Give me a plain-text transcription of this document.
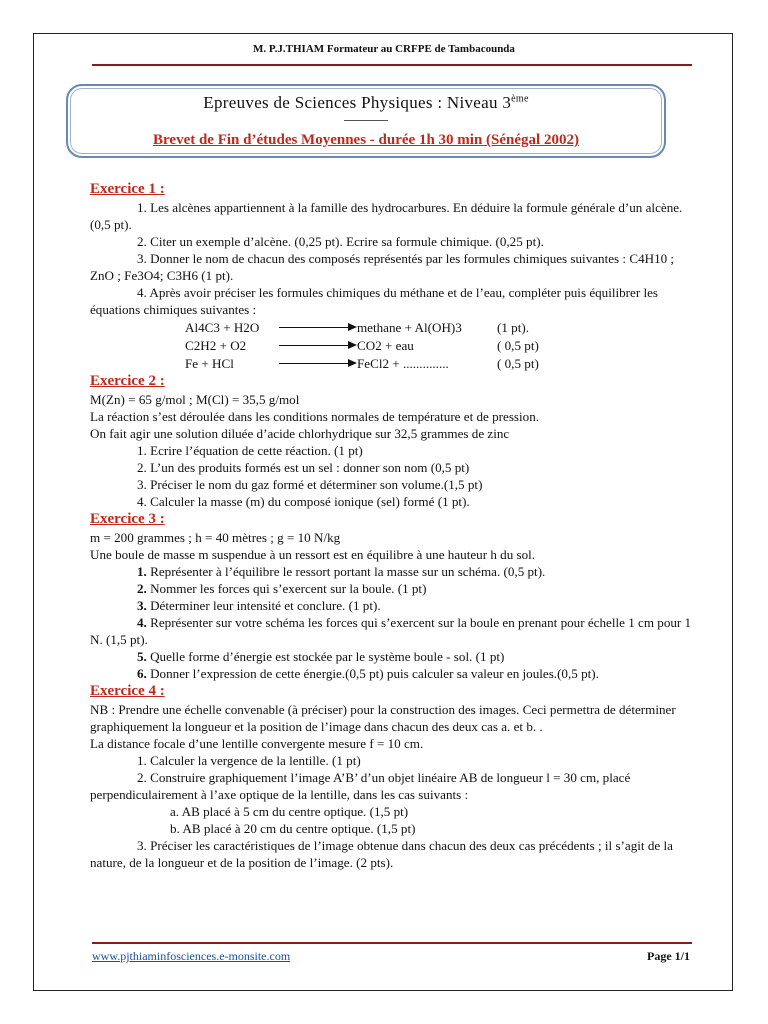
M. P.J.THIAM Formateur au CRFPE de Tambacounda
Epreuves de Sciences Physiques : Niveau 3ème
Brevet de Fin d’études Moyennes - durée 1h 30 min (Sénégal 2002)

Exercice 1 :

1. Les alcènes appartiennent à la famille des hydrocarbures. En déduire la formule générale d’un alcène. (0,5 pt).

2. Citer un exemple d’alcène. (0,25 pt). Ecrire sa formule chimique. (0,25 pt).

3. Donner le nom de chacun des composés représentés par les formules chimiques suivantes : C4H10 ; ZnO ; Fe3O4; C3H6 (1 pt).

4. Après avoir préciser les formules chimiques du méthane et de l’eau, compléter puis équilibrer les équations chimiques suivantes :

Al4C3 + H2O	methane + Al(OH)3	(1 pt).
C2H2 + O2	CO2 + eau	( 0,5 pt)
Fe + HCl	FeCl2 + ..............	( 0,5 pt)

Exercice 2 :

M(Zn) = 65 g/mol ; M(Cl) = 35,5 g/mol

La réaction s’est déroulée dans les conditions normales de température et de pression.

On fait agir une solution diluée d’acide chlorhydrique sur 32,5 grammes de zinc

1. Ecrire l’équation de cette réaction. (1 pt)

2. L’un des produits formés est un sel : donner son nom (0,5 pt)

3. Préciser le nom du gaz formé et déterminer son volume.(1,5 pt)

4. Calculer la masse (m) du composé ionique (sel) formé (1 pt).

Exercice 3 :

m = 200 grammes ; h = 40 mètres ; g = 10 N/kg

Une boule de masse m suspendue à un ressort est en équilibre à une hauteur h du sol.

1. Représenter à l’équilibre le ressort portant la masse sur un schéma. (0,5 pt).

2. Nommer les forces qui s’exercent sur la boule. (1 pt)

3. Déterminer leur intensité et conclure. (1 pt).

4. Représenter sur votre schéma les forces qui s’exercent sur la boule en prenant pour échelle 1 cm pour 1 N. (1,5 pt).

5. Quelle forme d’énergie est stockée par le système boule - sol. (1 pt)

6. Donner l’expression de cette énergie.(0,5 pt) puis calculer sa valeur en joules.(0,5 pt).

Exercice 4 :

NB : Prendre une échelle convenable (à préciser) pour la construction des images. Ceci permettra de déterminer graphiquement la longueur et la position de l’image dans chacun des deux cas a. et b. .

La distance focale d’une lentille convergente mesure f = 10 cm.

1. Calculer la vergence de la lentille. (1 pt)

2. Construire graphiquement l’image A’B’ d’un objet linéaire AB de longueur l = 30 cm, placé perpendiculairement à l’axe optique de la lentille, dans les cas suivants :

a. AB placé à 5 cm du centre optique. (1,5 pt)

b. AB placé à 20 cm du centre optique. (1,5 pt)

3. Préciser les caractéristiques de l’image obtenue dans chacun des deux cas précédents ; il s’agit de la nature, de la longueur et de la position de l’image. (2 pts).

www.pjthiaminfosciences.e-monsite.com	Page 1/1
